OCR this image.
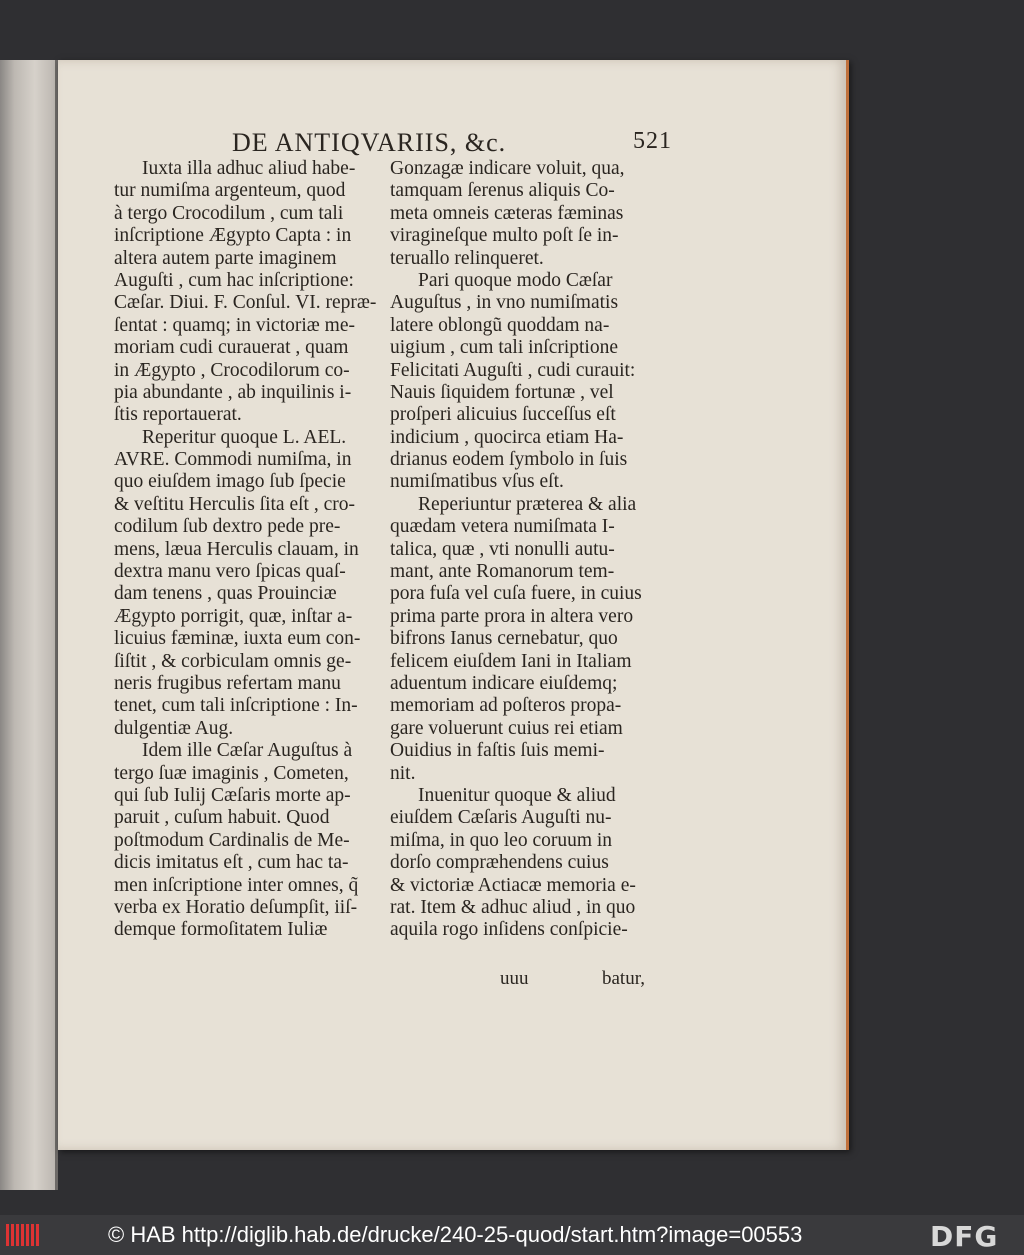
DE ANTIQVARIIS, &c.	521
Iuxta illa adhuc aliud habe-
tur numiſma argenteum, quod
à tergo Crocodilum , cum tali
inſcriptione Ægypto Capta : in
altera autem parte imaginem
Auguſti , cum hac inſcriptione:
Cæſar. Diui. F. Conſul. VI. repræ-
ſentat : quamq; in victoriæ me-
moriam cudi curauerat , quam
in Ægypto , Crocodilorum co-
pia abundante , ab inquilinis i-
ſtis reportauerat.
Reperitur quoque L. AEL.
AVRE. Commodi numiſma, in
quo eiuſdem imago ſub ſpecie
& veſtitu Herculis ſita eſt , cro-
codilum ſub dextro pede pre-
mens, læua Herculis clauam, in
dextra manu vero ſpicas quaſ-
dam tenens , quas Prouinciæ
Ægypto porrigit, quæ, inſtar a-
licuius fæminæ, iuxta eum con-
ſiſtit , & corbiculam omnis ge-
neris frugibus refertam manu
tenet, cum tali inſcriptione : In-
dulgentiæ Aug.
Idem ille Cæſar Auguſtus à
tergo ſuæ imaginis , Cometen,
qui ſub Iulij Cæſaris morte ap-
paruit , cuſum habuit. Quod
poſtmodum Cardinalis de Me-
dicis imitatus eſt , cum hac ta-
men inſcriptione inter omnes, q̃
verba ex Horatio deſumpſit, iiſ-
demque formoſitatem Iuliæ
Gonzagæ indicare voluit, qua,
tamquam ſerenus aliquis Co-
meta omneis cæteras fæminas
viragineſque multo poſt ſe in-
teruallo relinqueret.
Pari quoque modo Cæſar
Auguſtus , in vno numiſmatis
latere oblongũ quoddam na-
uigium , cum tali inſcriptione
Felicitati Auguſti , cudi curauit:
Nauis ſiquidem fortunæ , vel
proſperi alicuius ſucceſſus eſt
indicium , quocirca etiam Ha-
drianus eodem ſymbolo in ſuis
numiſmatibus vſus eſt.
Reperiuntur præterea & alia
quædam vetera numiſmata I-
talica, quæ , vti nonulli autu-
mant, ante Romanorum tem-
pora fuſa vel cuſa fuere, in cuius
prima parte prora in altera vero
bifrons Ianus cernebatur, quo
felicem eiuſdem Iani in Italiam
aduentum indicare eiuſdemq;
memoriam ad poſteros propa-
gare voluerunt cuius rei etiam
Ouidius in faſtis ſuis memi-
nit.
Inuenitur quoque & aliud
eiuſdem Cæſaris Auguſti nu-
miſma, in quo leo coruum in
dorſo compræhendens cuius
& victoriæ Actiacæ memoria e-
rat. Item & adhuc aliud , in quo
aquila rogo inſidens conſpicie-
uuu	batur,
© HAB http://diglib.hab.de/drucke/240-25-quod/start.htm?image=00553	DFG
